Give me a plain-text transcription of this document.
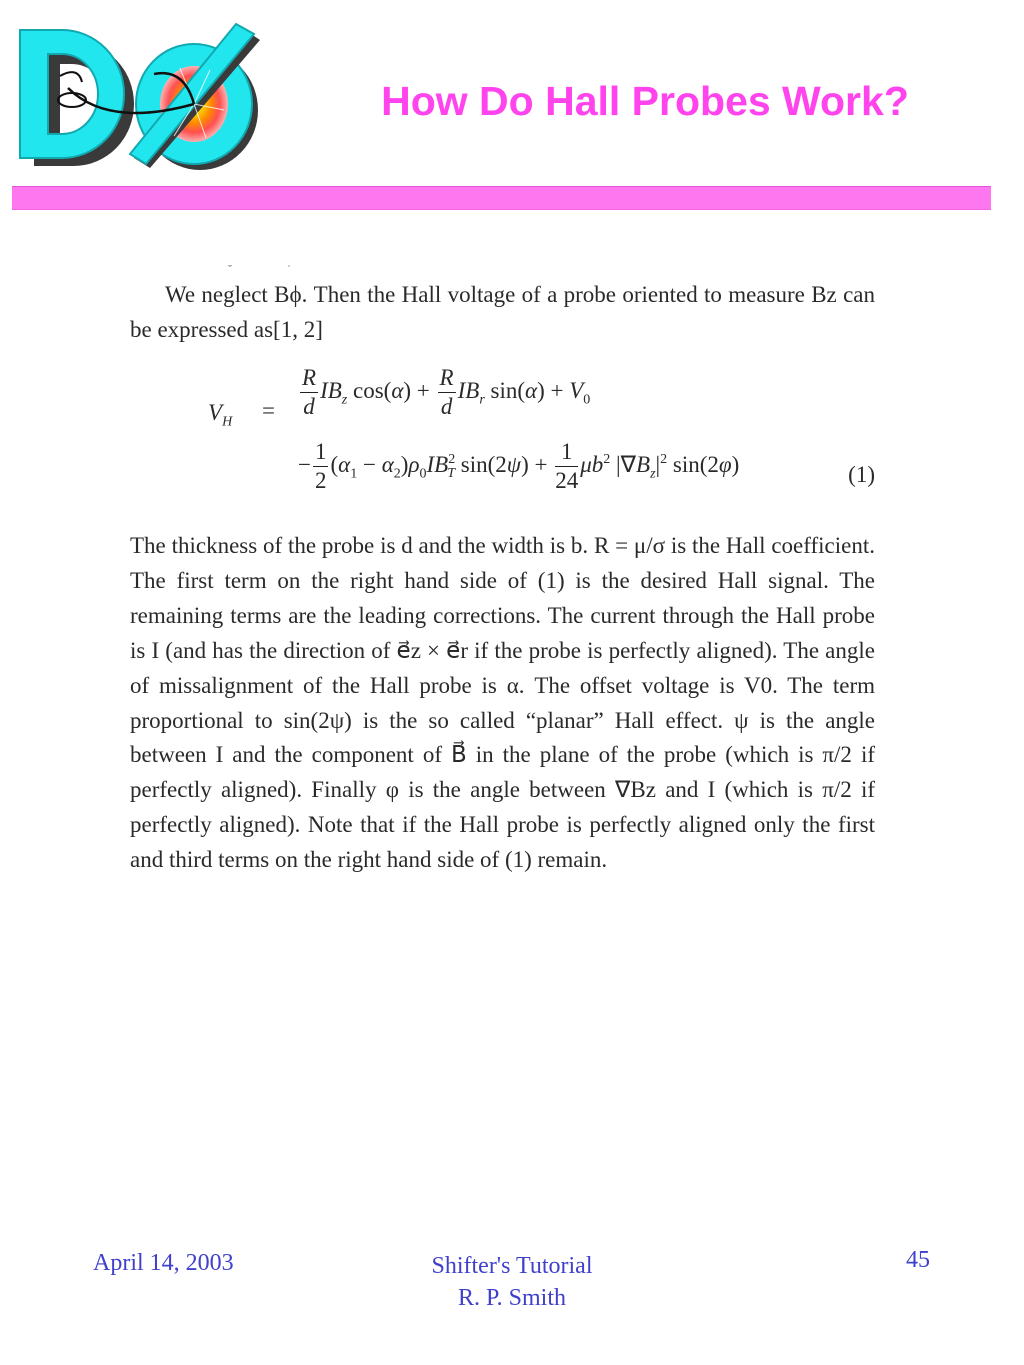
How Do Hall Probes Work?
˘ ˙

We neglect Bϕ. Then the Hall voltage of a probe oriented to measure Bz can be expressed as[1, 2]

$V_H = \frac{R}{d} IB_z$ $\cos(\alpha) + \frac{R}{d} IB_r$ $\sin(\alpha) + V_0$
− $\frac{1}{2} (\alpha_1 - \alpha_2)\rho_0IB^2_T$ $\sin(2\psi) + \frac{1}{24} \mu b^2$ $|\nabla B_z|^2$ sin(2φ)	(1)

The thickness of the probe is d and the width is b. R = μ/σ is the Hall coefficient. The first term on the right hand side of (1) is the desired Hall signal. The remaining terms are the leading corrections. The current through the Hall probe is I (and has the direction of e⃗z × e⃗r if the probe is perfectly aligned). The angle of missalignment of the Hall probe is α. The offset voltage is V0. The term proportional to sin(2ψ) is the so called “planar” Hall effect. ψ is the angle between I and the component of B⃗ in the plane of the probe (which is π/2 if perfectly aligned). Finally φ is the angle between ∇Bz and I (which is π/2 if perfectly aligned). Note that if the Hall probe is perfectly aligned only the first and third terms on the right hand side of (1) remain.

April 14, 2003	Shifter's Tutorial
R. P. Smith
45
